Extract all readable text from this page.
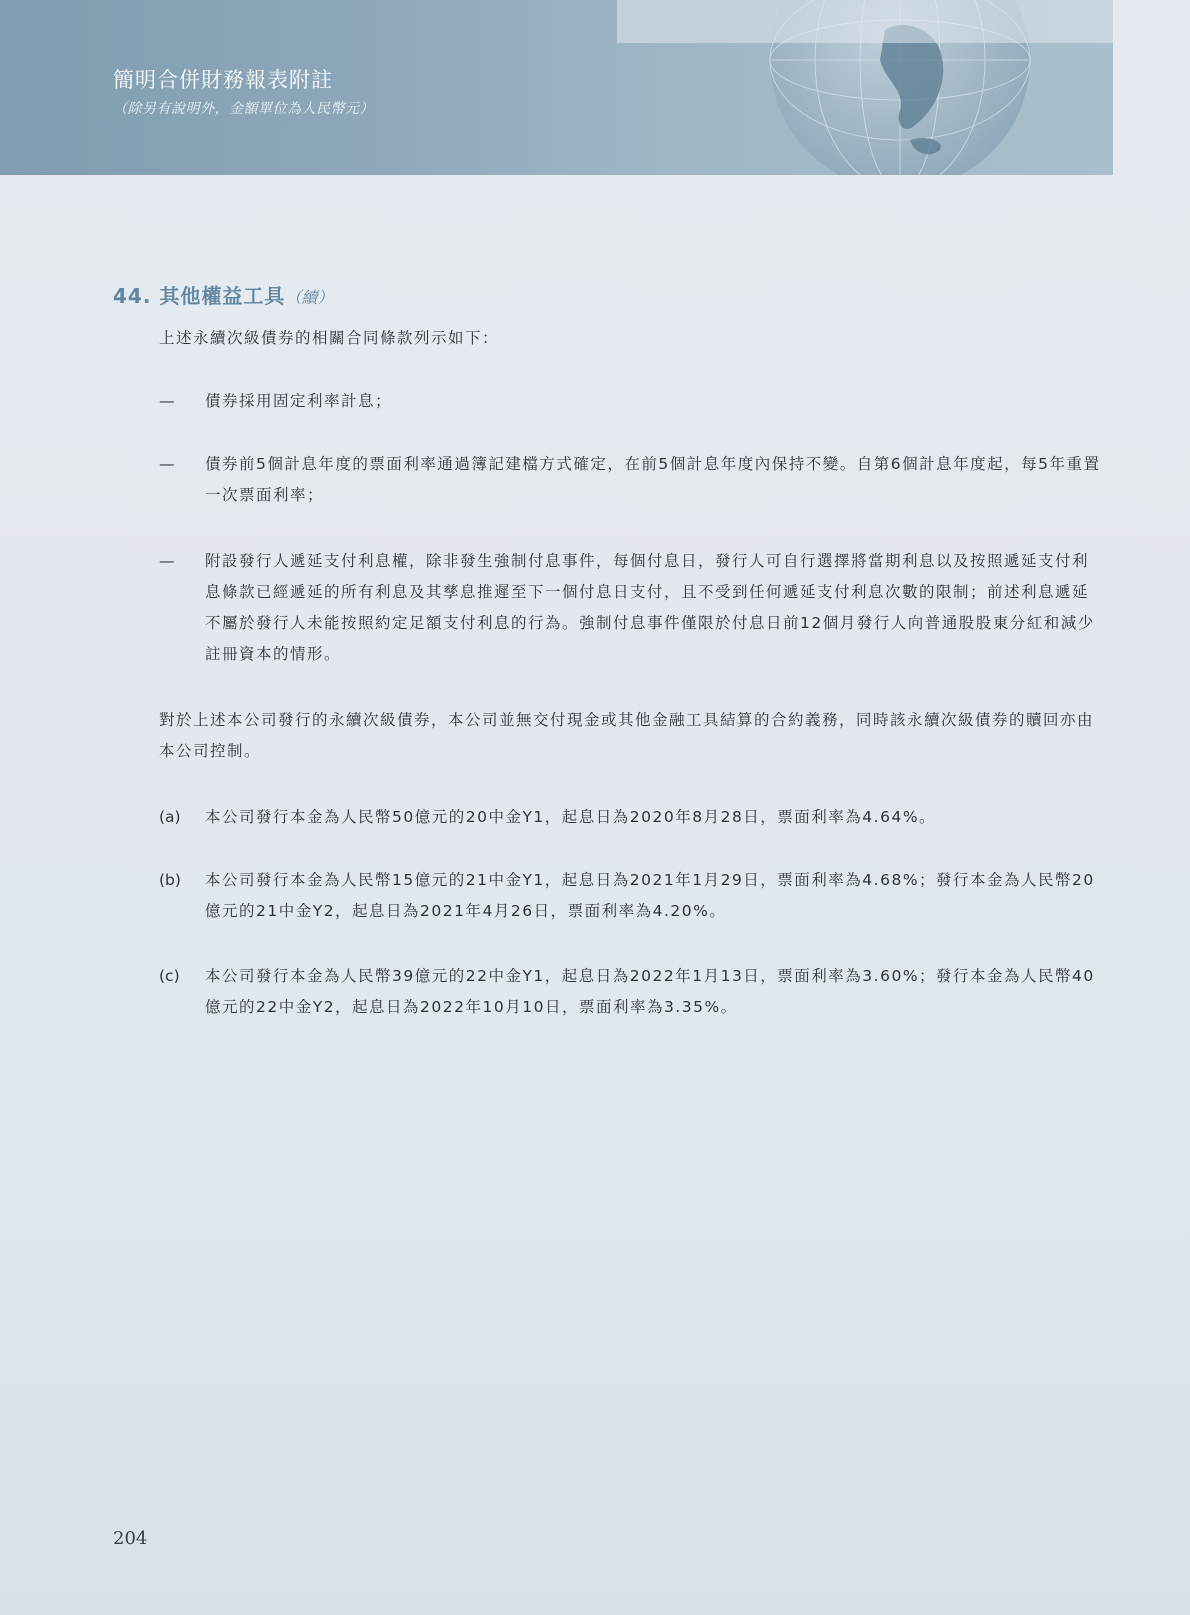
簡明合併財務報表附註
（除另有說明外，金額單位為人民幣元）
44. 其他權益工具（續）

上述永續次級債券的相關合同條款列示如下：

—	債券採用固定利率計息；
—	債券前5個計息年度的票面利率通過簿記建檔方式確定，在前5個計息年度內保持不變。自第6個計息年度起，每5年重置一次票面利率；
—	附設發行人遞延支付利息權，除非發生強制付息事件，每個付息日，發行人可自行選擇將當期利息以及按照遞延支付利息條款已經遞延的所有利息及其孳息推遲至下一個付息日支付，且不受到任何遞延支付利息次數的限制；前述利息遞延不屬於發行人未能按照約定足額支付利息的行為。強制付息事件僅限於付息日前12個月發行人向普通股股東分紅和減少註冊資本的情形。

對於上述本公司發行的永續次級債券，本公司並無交付現金或其他金融工具結算的合約義務，同時該永續次級債券的贖回亦由本公司控制。

(a)	本公司發行本金為人民幣50億元的20中金Y1，起息日為2020年8月28日，票面利率為4.64%。
(b)	本公司發行本金為人民幣15億元的21中金Y1，起息日為2021年1月29日，票面利率為4.68%；發行本金為人民幣20億元的21中金Y2，起息日為2021年4月26日，票面利率為4.20%。
(c)	本公司發行本金為人民幣39億元的22中金Y1，起息日為2022年1月13日，票面利率為3.60%；發行本金為人民幣40億元的22中金Y2，起息日為2022年10月10日，票面利率為3.35%。
204
